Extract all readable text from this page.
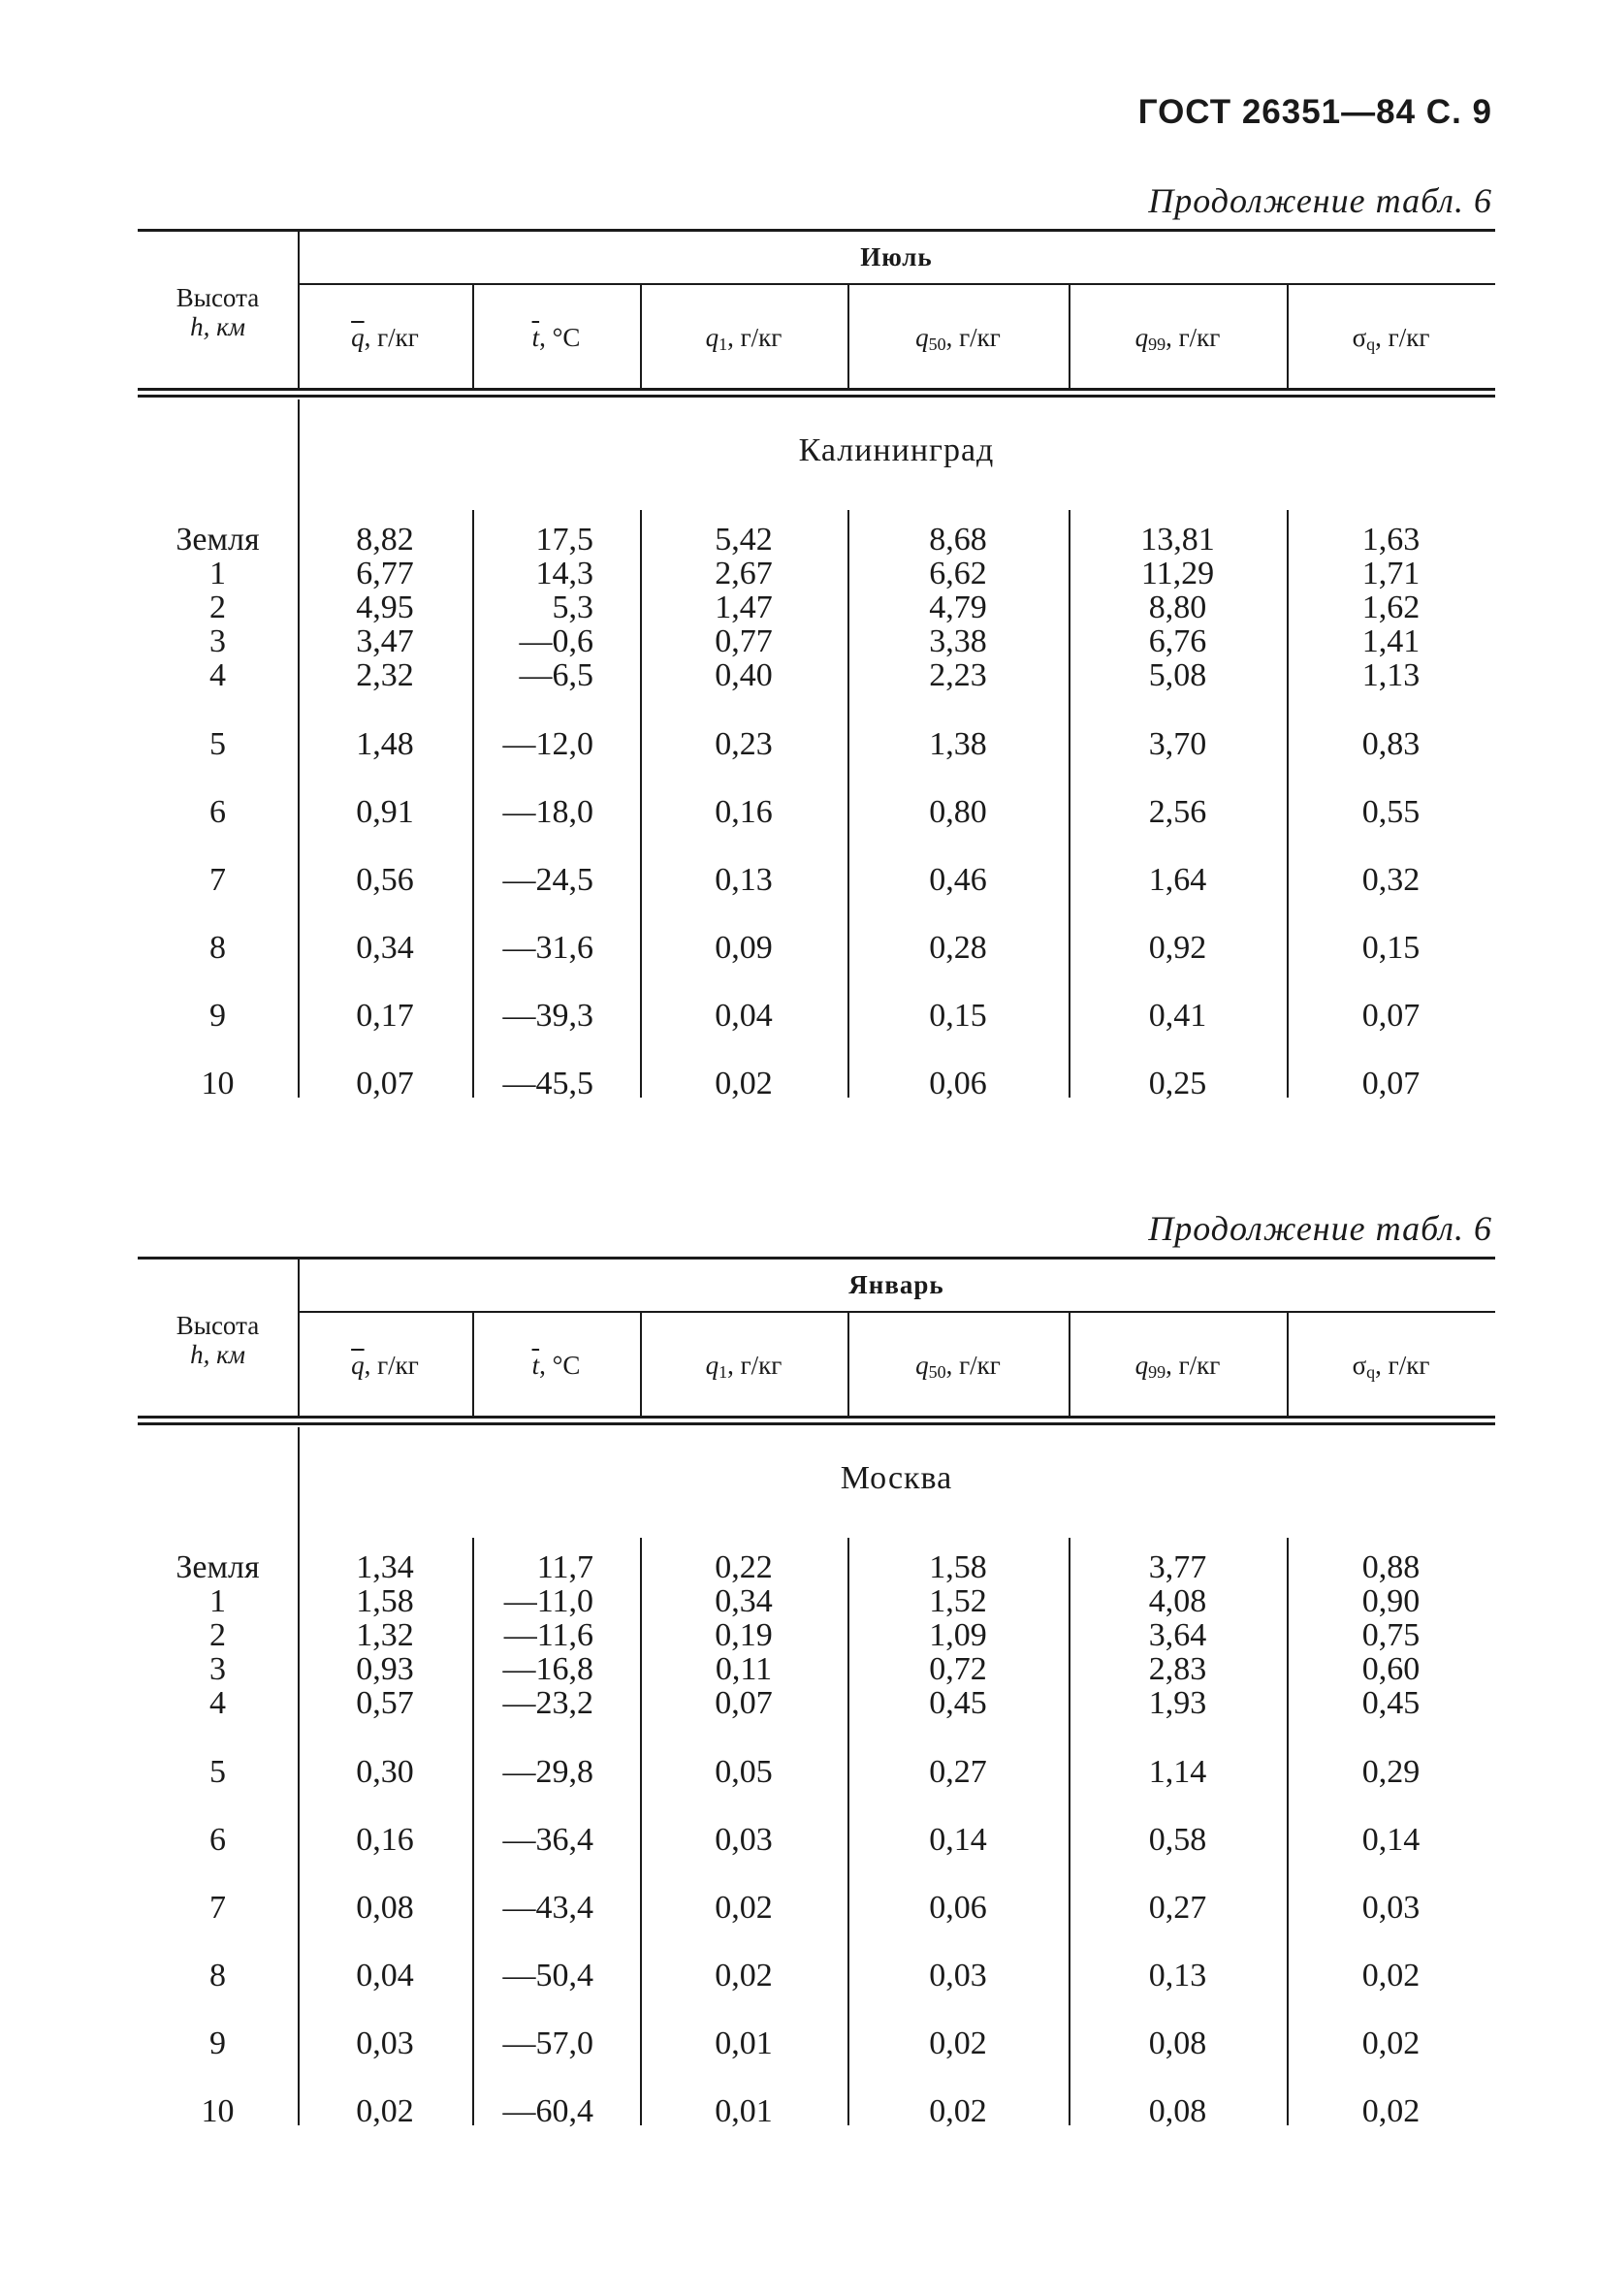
ГОСТ 26351—84 С. 9
Продолжение табл. 6
Июль
Высота
h, км	$\overline{q}$, г/кг	$\overline{t}$, °С	$q_1$, г/кг	$q_{50}$, г/кг	$q_{99}$, г/кг	$\sigma_q$, г/кг
Калининград
Земля	8,82	17,5	5,42	8,68	13,81	1,63
1	6,77	14,3	2,67	6,62	11,29	1,71
2	4,95	5,3	1,47	4,79	8,80	1,62
3	3,47	—0,6	0,77	3,38	6,76	1,41
4	2,32	—6,5	0,40	2,23	5,08	1,13
5	1,48	—12,0	0,23	1,38	3,70	0,83
6	0,91	—18,0	0,16	0,80	2,56	0,55
7	0,56	—24,5	0,13	0,46	1,64	0,32
8	0,34	—31,6	0,09	0,28	0,92	0,15
9	0,17	—39,3	0,04	0,15	0,41	0,07
10	0,07	—45,5	0,02	0,06	0,25	0,07
Продолжение табл. 6
Январь
Высота
h, км	$\overline{q}$, г/кг	$\overline{t}$, °С	$q_1$, г/кг	$q_{50}$, г/кг	$q_{99}$, г/кг	$\sigma_q$, г/кг
Москва
Земля	1,34	11,7	0,22	1,58	3,77	0,88
1	1,58	—11,0	0,34	1,52	4,08	0,90
2	1,32	—11,6	0,19	1,09	3,64	0,75
3	0,93	—16,8	0,11	0,72	2,83	0,60
4	0,57	—23,2	0,07	0,45	1,93	0,45
5	0,30	—29,8	0,05	0,27	1,14	0,29
6	0,16	—36,4	0,03	0,14	0,58	0,14
7	0,08	—43,4	0,02	0,06	0,27	0,03
8	0,04	—50,4	0,02	0,03	0,13	0,02
9	0,03	—57,0	0,01	0,02	0,08	0,02
10	0,02	—60,4	0,01	0,02	0,08	0,02
